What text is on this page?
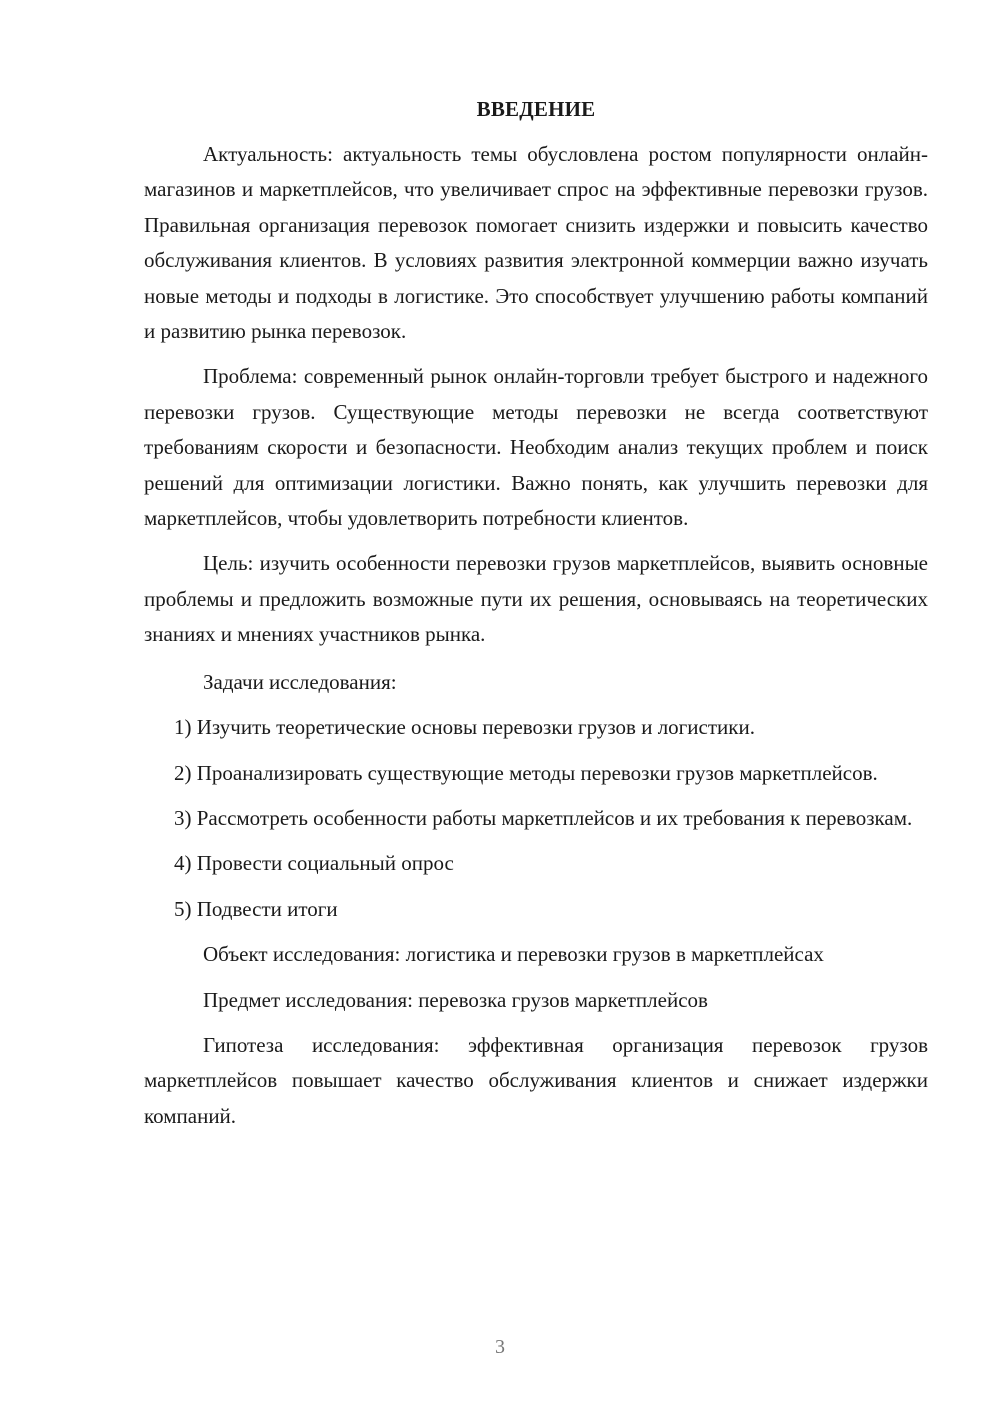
ВВЕДЕНИЕ

Актуальность: актуальность темы обусловлена ростом популярности онлайн-магазинов и маркетплейсов, что увеличивает спрос на эффективные перевозки грузов. Правильная организация перевозок помогает снизить издержки и повысить качество обслуживания клиентов. В условиях развития электронной коммерции важно изучать новые методы и подходы в логистике. Это способствует улучшению работы компаний и развитию рынка перевозок.

Проблема: современный рынок онлайн-торговли требует быстрого и надежного перевозки грузов. Существующие методы перевозки не всегда соответствуют требованиям скорости и безопасности. Необходим анализ текущих проблем и поиск решений для оптимизации логистики. Важно понять, как улучшить перевозки для маркетплейсов, чтобы удовлетворить потребности клиентов.

Цель: изучить особенности перевозки грузов маркетплейсов, выявить основные проблемы и предложить возможные пути их решения, основываясь на теоретических знаниях и мнениях участников рынка.

Задачи исследования:

1) Изучить теоретические основы перевозки грузов и логистики.

2) Проанализировать существующие методы перевозки грузов маркетплейсов.

3) Рассмотреть особенности работы маркетплейсов и их требования к перевозкам.

4) Провести социальный опрос

5) Подвести итоги

Объект исследования: логистика и перевозки грузов в маркетплейсах

Предмет исследования: перевозка грузов маркетплейсов

Гипотеза исследования: эффективная организация перевозок грузов маркетплейсов повышает качество обслуживания клиентов и снижает издержки компаний.

3
